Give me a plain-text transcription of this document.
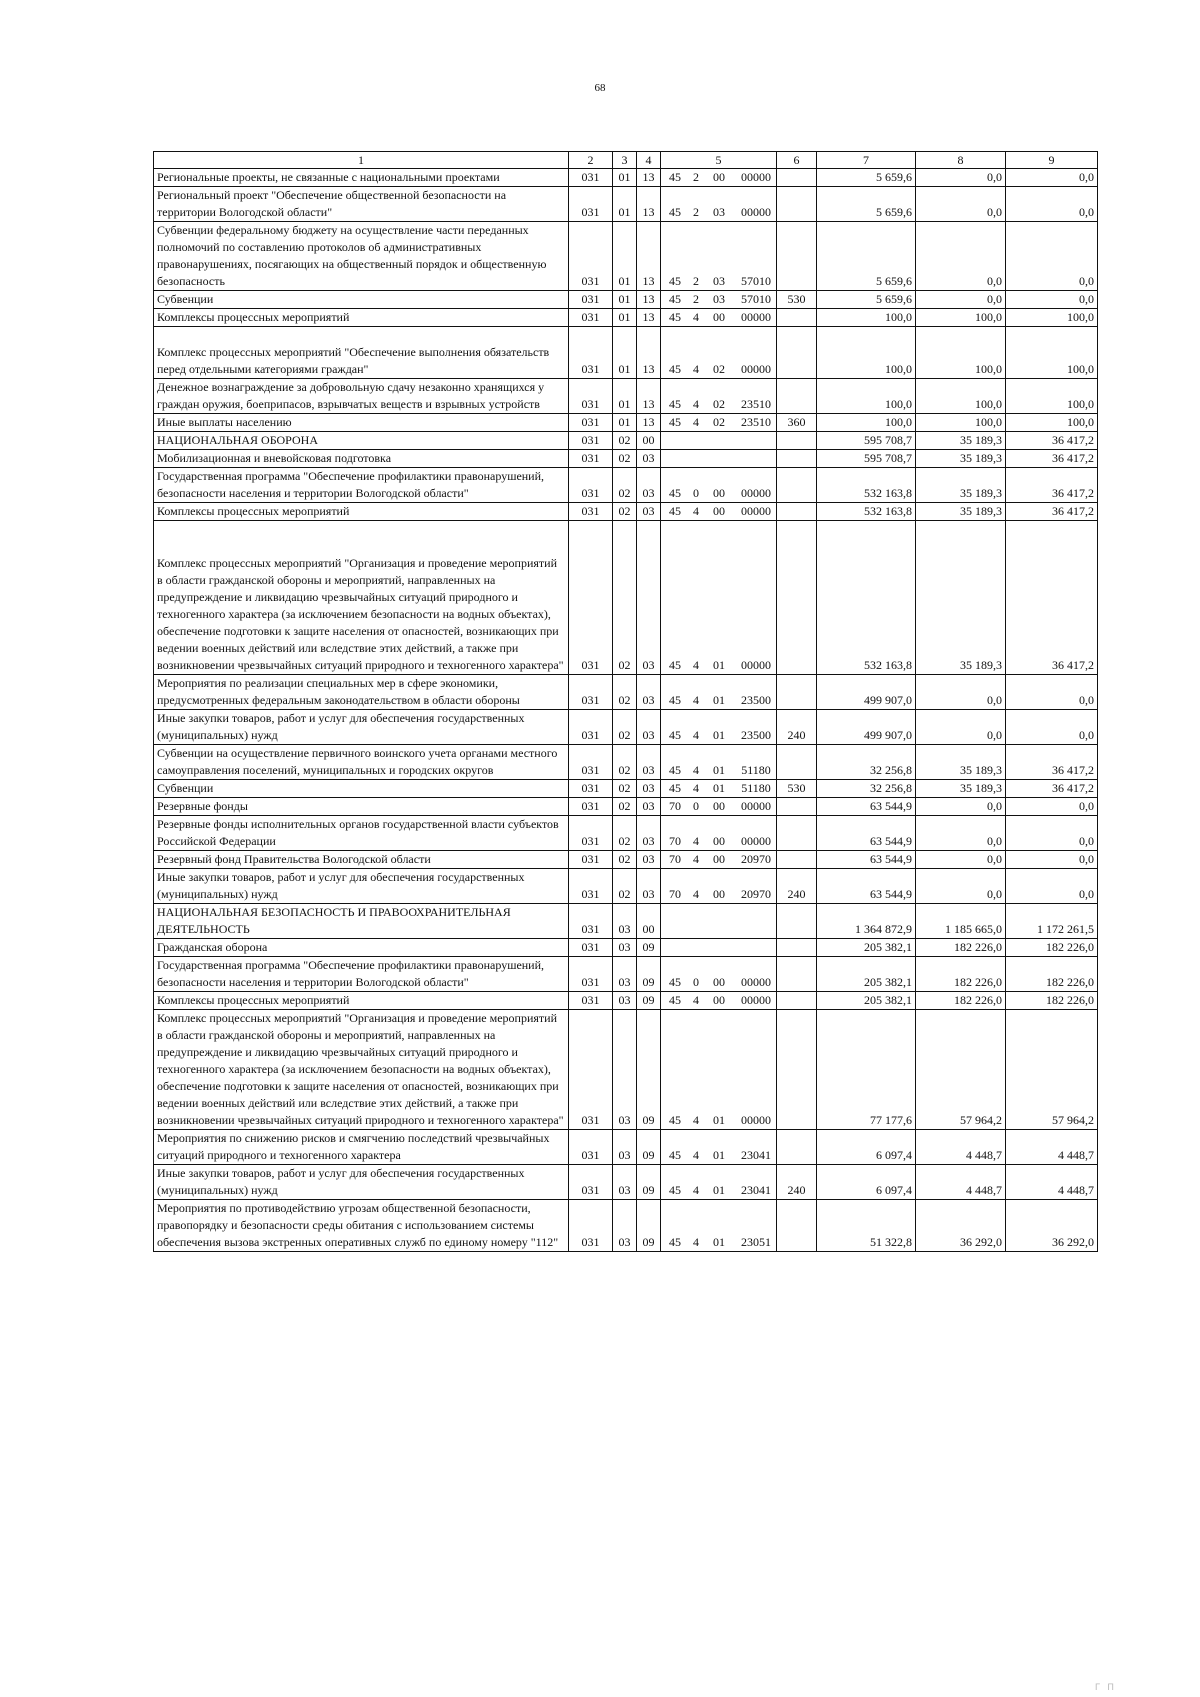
68
1	2	3	4	5	6	7	8	9
Региональные проекты, не связанные с национальными проектами	031	01	13	45 2 00 00000		5 659,6	0,0	0,0
Региональный проект "Обеспечение общественной безопасности на территории Вологодской области"	031	01	13	45 2 03 00000		5 659,6	0,0	0,0
Субвенции федеральному бюджету на осуществление части переданных полномочий по составлению протоколов об административных правонарушениях, посягающих на общественный порядок и общественную безопасность	031	01	13	45 2 03 57010		5 659,6	0,0	0,0
Субвенции	031	01	13	45 2 03 57010	530	5 659,6	0,0	0,0
Комплексы процессных мероприятий	031	01	13	45 4 00 00000		100,0	100,0	100,0
Комплекс процессных мероприятий "Обеспечение выполнения обязательств перед отдельными категориями граждан"	031	01	13	45 4 02 00000		100,0	100,0	100,0
Денежное вознаграждение за добровольную сдачу незаконно хранящихся у граждан оружия, боеприпасов, взрывчатых веществ и взрывных устройств	031	01	13	45 4 02 23510		100,0	100,0	100,0
Иные выплаты населению	031	01	13	45 4 02 23510	360	100,0	100,0	100,0
НАЦИОНАЛЬНАЯ ОБОРОНА	031	02	00			595 708,7	35 189,3	36 417,2
Мобилизационная и вневойсковая подготовка	031	02	03			595 708,7	35 189,3	36 417,2
Государственная программа "Обеспечение профилактики правонарушений, безопасности населения и территории Вологодской области"	031	02	03	45 0 00 00000		532 163,8	35 189,3	36 417,2
Комплексы процессных мероприятий	031	02	03	45 4 00 00000		532 163,8	35 189,3	36 417,2
Комплекс процессных мероприятий "Организация и проведение мероприятий в области гражданской обороны и мероприятий, направленных на предупреждение и ликвидацию чрезвычайных ситуаций природного и техногенного характера (за исключением безопасности на водных объектах), обеспечение подготовки к защите населения от опасностей, возникающих при ведении военных действий или вследствие этих действий, а также при возникновении чрезвычайных ситуаций природного и техногенного характера"	031	02	03	45 4 01 00000		532 163,8	35 189,3	36 417,2
Мероприятия по реализации специальных мер в сфере экономики, предусмотренных федеральным законодательством в области обороны	031	02	03	45 4 01 23500		499 907,0	0,0	0,0
Иные закупки товаров, работ и услуг для обеспечения государственных (муниципальных) нужд	031	02	03	45 4 01 23500	240	499 907,0	0,0	0,0
Субвенции на осуществление первичного воинского учета органами местного самоуправления поселений, муниципальных и городских округов	031	02	03	45 4 01 51180		32 256,8	35 189,3	36 417,2
Субвенции	031	02	03	45 4 01 51180	530	32 256,8	35 189,3	36 417,2
Резервные фонды	031	02	03	70 0 00 00000		63 544,9	0,0	0,0
Резервные фонды исполнительных органов государственной власти субъектов Российской Федерации	031	02	03	70 4 00 00000		63 544,9	0,0	0,0
Резервный фонд Правительства Вологодской области	031	02	03	70 4 00 20970		63 544,9	0,0	0,0
Иные закупки товаров, работ и услуг для обеспечения государственных (муниципальных) нужд	031	02	03	70 4 00 20970	240	63 544,9	0,0	0,0
НАЦИОНАЛЬНАЯ БЕЗОПАСНОСТЬ И ПРАВООХРАНИТЕЛЬНАЯ ДЕЯТЕЛЬНОСТЬ	031	03	00			1 364 872,9	1 185 665,0	1 172 261,5
Гражданская оборона	031	03	09			205 382,1	182 226,0	182 226,0
Государственная программа "Обеспечение профилактики правонарушений, безопасности населения и территории Вологодской области"	031	03	09	45 0 00 00000		205 382,1	182 226,0	182 226,0
Комплексы процессных мероприятий	031	03	09	45 4 00 00000		205 382,1	182 226,0	182 226,0
Комплекс процессных мероприятий "Организация и проведение мероприятий в области гражданской обороны и мероприятий, направленных на предупреждение и ликвидацию чрезвычайных ситуаций природного и техногенного характера (за исключением безопасности на водных объектах), обеспечение подготовки к защите населения от опасностей, возникающих при ведении военных действий или вследствие этих действий, а также при возникновении чрезвычайных ситуаций природного и техногенного характера"	031	03	09	45 4 01 00000		77 177,6	57 964,2	57 964,2
Мероприятия по снижению рисков и смягчению последствий чрезвычайных ситуаций природного и техногенного характера	031	03	09	45 4 01 23041		6 097,4	4 448,7	4 448,7
Иные закупки товаров, работ и услуг для обеспечения государственных (муниципальных) нужд	031	03	09	45 4 01 23041	240	6 097,4	4 448,7	4 448,7
Мероприятия по противодействию угрозам общественной безопасности, правопорядку и безопасности среды обитания с использованием системы обеспечения вызова экстренных оперативных служб по единому номеру "112"	031	03	09	45 4 01 23051		51 322,8	36 292,0	36 292,0
Г П
